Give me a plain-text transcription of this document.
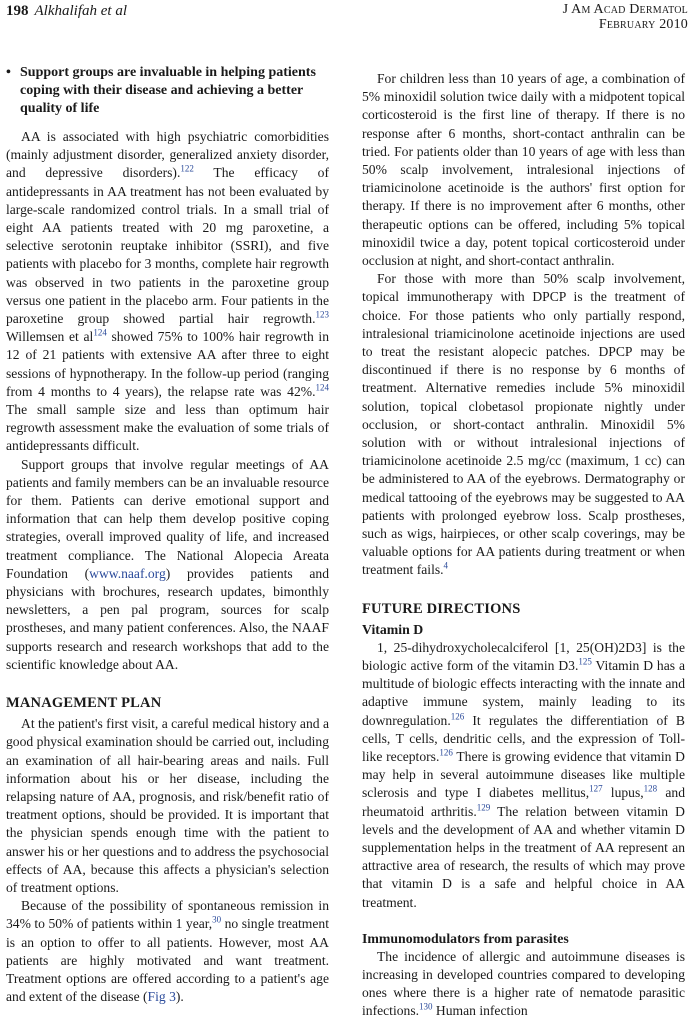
198 Alkhalifah et al	J Am Acad Dermatol
February 2010
• Support groups are invaluable in helping patients coping with their disease and achieving a better quality of life

AA is associated with high psychiatric comorbidities (mainly adjustment disorder, generalized anxiety disorder, and depressive disorders).$^{122}$ The efficacy of antidepressants in AA treatment has not been evaluated by large-scale randomized control trials. In a small trial of eight AA patients treated with 20 mg paroxetine, a selective serotonin reuptake inhibitor (SSRI), and five patients with placebo for 3 months, complete hair regrowth was observed in two patients in the paroxetine group versus one patient in the placebo arm. Four patients in the paroxetine group showed partial hair regrowth.$^{123}$ Willemsen et $al^{124}$ showed 75% to 100% hair regrowth in 12 of 21 patients with extensive AA after three to eight sessions of hypnotherapy. In the follow-up period (ranging from 4 months to 4 years), the relapse rate was 42%.$^{124}$ The small sample size and less than optimum hair regrowth assessment make the evaluation of some trials of antidepressants difficult.

Support groups that involve regular meetings of AA patients and family members can be an invaluable resource for them. Patients can derive emotional support and information that can help them develop positive coping strategies, overall improved quality of life, and increased treatment compliance. The National Alopecia Areata Foundation (www.naaf.org) provides patients and physicians with brochures, research updates, bimonthly newsletters, a pen pal program, sources for scalp prostheses, and many patient conferences. Also, the NAAF supports research and research workshops that add to the scientific knowledge about AA.

MANAGEMENT PLAN

At the patient's first visit, a careful medical history and a good physical examination should be carried out, including an examination of all hair-bearing areas and nails. Full information about his or her disease, including the relapsing nature of AA, prognosis, and risk/benefit ratio of treatment options, should be provided. It is important that the physician spends enough time with the patient to answer his or her questions and to address the psychosocial effects of AA, because this affects a physician's selection of treatment options.

Because of the possibility of spontaneous remission in 34% to 50% of patients within 1 year,$^{30}$ no single treatment is an option to offer to all patients. However, most AA patients are highly motivated and want treatment. Treatment options are offered according to a patient's age and extent of the disease (Fig 3).

For children less than 10 years of age, a combination of 5% minoxidil solution twice daily with a midpotent topical corticosteroid is the first line of therapy. If there is no response after 6 months, short-contact anthralin can be tried. For patients older than 10 years of age with less than 50% scalp involvement, intralesional injections of triamicinolone acetinoide is the authors' first option for therapy. If there is no improvement after 6 months, other therapeutic options can be offered, including 5% topical minoxidil twice a day, potent topical corticosteroid under occlusion at night, and short-contact anthralin.

For those with more than 50% scalp involvement, topical immunotherapy with DPCP is the treatment of choice. For those patients who only partially respond, intralesional triamicinolone acetinoide injections are used to treat the resistant alopecic patches. DPCP may be discontinued if there is no response by 6 months of treatment. Alternative remedies include 5% minoxidil solution, topical clobetasol propionate nightly under occlusion, or short-contact anthralin. Minoxidil 5% solution with or without intralesional injections of triamicinolone acetinoide 2.5 mg/cc (maximum, 1 cc) can be administered to AA of the eyebrows. Dermatography or medical tattooing of the eyebrows may be suggested to AA patients with prolonged eyebrow loss. Scalp prostheses, such as wigs, hairpieces, or other scalp coverings, may be valuable options for AA patients during treatment or when treatment fails.$^4$

FUTURE DIRECTIONS
Vitamin D

1, 25-dihydroxycholecalciferol [1, 25(OH)2D3] is the biologic active form of the vitamin D3.$^{125}$ Vitamin D has a multitude of biologic effects interacting with the innate and adaptive immune system, mainly leading to its downregulation.$^{126}$ It regulates the differentiation of B cells, T cells, dendritic cells, and the expression of Toll-like receptors.$^{126}$ There is growing evidence that vitamin D may help in several autoimmune diseases like multiple sclerosis and type I diabetes mellitus,$^{127}$ lupus,$^{128}$ and rheumatoid arthritis.$^{129}$ The relation between vitamin D levels and the development of AA and whether vitamin D supplementation helps in the treatment of AA represent an attractive area of research, the results of which may prove that vitamin D is a safe and helpful choice in AA treatment.

Immunomodulators from parasites

The incidence of allergic and autoimmune diseases is increasing in developed countries compared to developing ones where there is a higher rate of nematode parasitic infections.$^{130}$ Human infection
